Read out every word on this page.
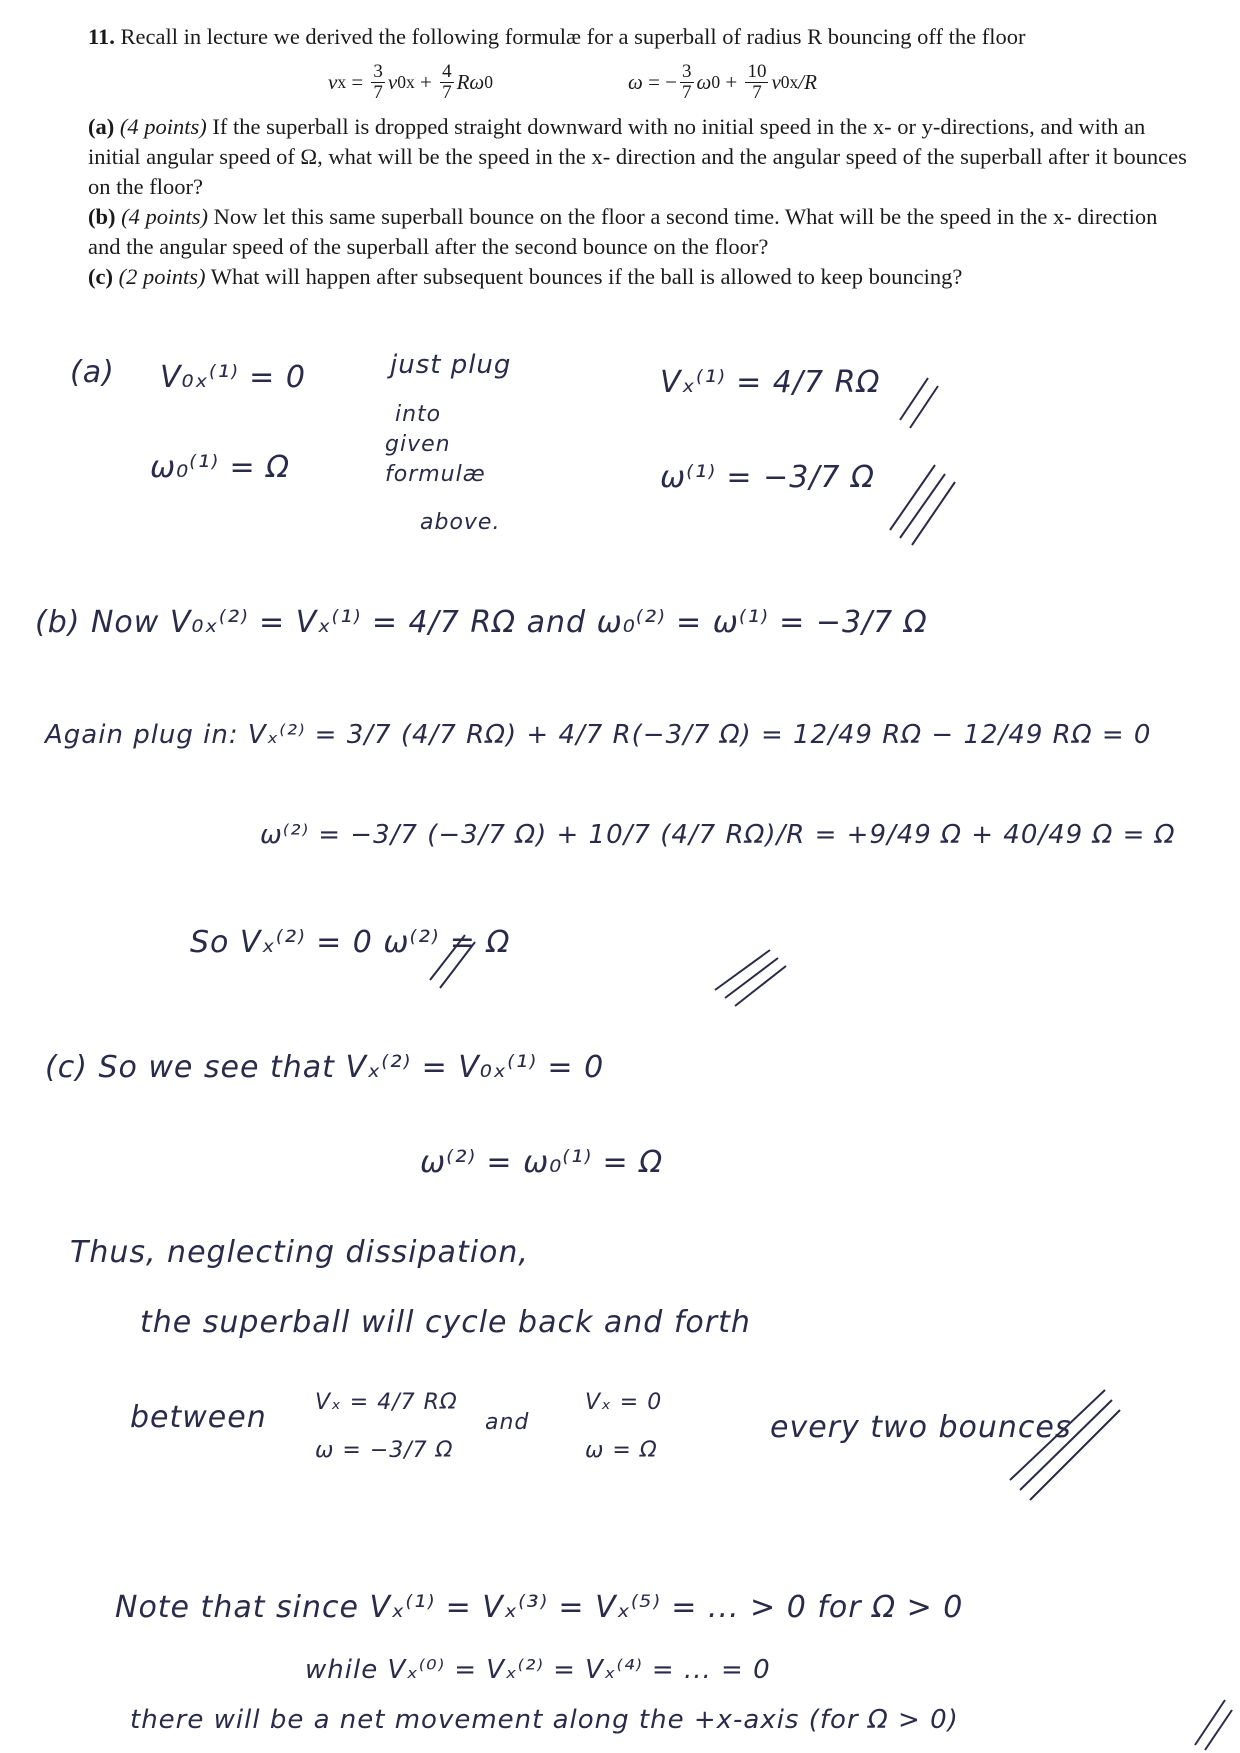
11. Recall in lecture we derived the following formulæ for a superball of radius R bouncing off the floor

v $x = \frac{3}{7}$ v 0x
+
$\frac{4}{7}$ Rω 0	ω
= − $\frac{3}{7}$ ω 0
+
$\frac{10}{7}$ v 0x /R

(a) (4 points) If the superball is dropped straight downward with no initial speed in the x- or y-directions, and with an initial angular speed of Ω, what will be the speed in the x- direction and the angular speed of the superball after it bounces on the floor?

(b) (4 points) Now let this same superball bounce on the floor a second time. What will be the speed in the x- direction and the angular speed of the superball after the second bounce on the floor?

(c) (2 points) What will happen after subsequent bounces if the ball is allowed to keep bouncing?

(a) V₀ₓ⁽¹⁾ = 0
ω₀⁽¹⁾ = Ω
just plug
into
given
formulæ
above.
Vₓ⁽¹⁾ = 4/7 RΩ
ω⁽¹⁾ = −3/7 Ω
(b) Now V₀ₓ⁽²⁾ = Vₓ⁽¹⁾ = 4/7 RΩ and ω₀⁽²⁾ = ω⁽¹⁾ = −3/7 Ω
Again plug in: Vₓ⁽²⁾ = 3/7 (4/7 RΩ) + 4/7 R(−3/7 Ω) = 12/49 RΩ − 12/49 RΩ = 0
ω⁽²⁾ = −3/7 (−3/7 Ω) + 10/7 (4/7 RΩ)/R = +9/49 Ω + 40/49 Ω = Ω
So Vₓ⁽²⁾ = 0 ω⁽²⁾ = Ω
(c) So we see that Vₓ⁽²⁾ = V₀ₓ⁽¹⁾ = 0
ω⁽²⁾ = ω₀⁽¹⁾ = Ω
Thus, neglecting dissipation,
the superball will cycle back and forth
between Vₓ = 4/7 RΩ
ω = −3/7 Ω
and
Vₓ = 0
ω = Ω
every two bounces
Note that since Vₓ⁽¹⁾ = Vₓ⁽³⁾ = Vₓ⁽⁵⁾ = ... > 0 for Ω > 0
while Vₓ⁽⁰⁾ = Vₓ⁽²⁾ = Vₓ⁽⁴⁾ = ... = 0
there will be a net movement along the +x-axis (for Ω > 0)
